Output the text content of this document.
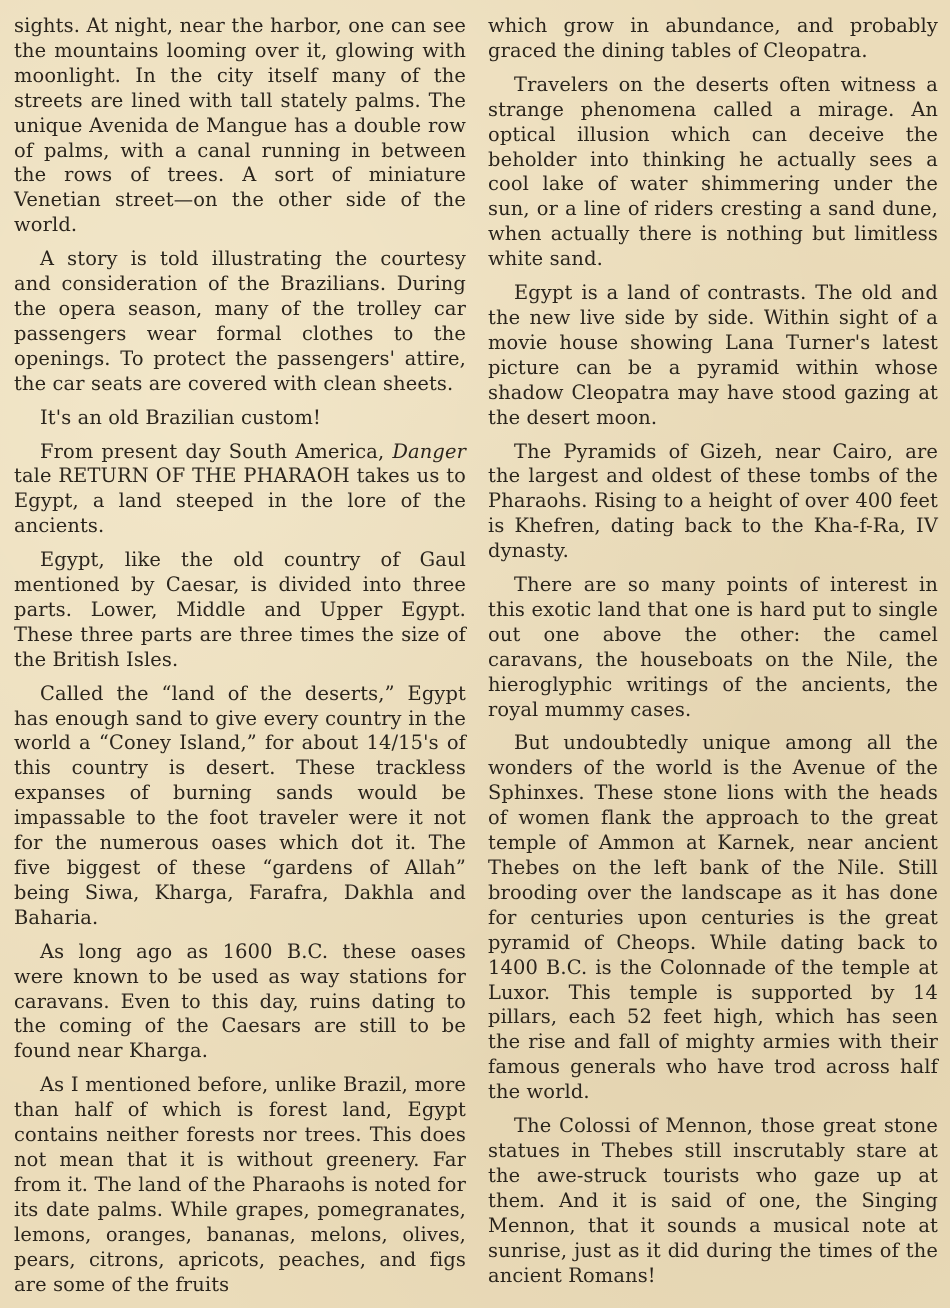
sights. At night, near the harbor, one can see the mountains looming over it, glowing with moonlight. In the city itself many of the streets are lined with tall stately palms. The unique Avenida de Mangue has a double row of palms, with a canal running in between the rows of trees. A sort of miniature Venetian street—on the other side of the world.

A story is told illustrating the courtesy and consideration of the Brazilians. During the opera season, many of the trolley car passengers wear formal clothes to the openings. To protect the passengers' attire, the car seats are covered with clean sheets.

It's an old Brazilian custom!

From present day South America, Danger tale RETURN OF THE PHARAOH takes us to Egypt, a land steeped in the lore of the ancients.

Egypt, like the old country of Gaul mentioned by Caesar, is divided into three parts. Lower, Middle and Upper Egypt. These three parts are three times the size of the British Isles.

Called the “land of the deserts,” Egypt has enough sand to give every country in the world a “Coney Island,” for about 14/15's of this country is desert. These trackless expanses of burning sands would be impassable to the foot traveler were it not for the numerous oases which dot it. The five biggest of these “gardens of Allah” being Siwa, Kharga, Farafra, Dakhla and Baharia.

As long ago as 1600 B.C. these oases were known to be used as way stations for caravans. Even to this day, ruins dating to the coming of the Caesars are still to be found near Kharga.

As I mentioned before, unlike Brazil, more than half of which is forest land, Egypt contains neither forests nor trees. This does not mean that it is without greenery. Far from it. The land of the Pharaohs is noted for its date palms. While grapes, pomegranates, lemons, oranges, bananas, melons, olives, pears, citrons, apricots, peaches, and figs are some of the fruits

which grow in abundance, and probably graced the dining tables of Cleopatra.

Travelers on the deserts often witness a strange phenomena called a mirage. An optical illusion which can deceive the beholder into thinking he actually sees a cool lake of water shimmering under the sun, or a line of riders cresting a sand dune, when actually there is nothing but limitless white sand.

Egypt is a land of contrasts. The old and the new live side by side. Within sight of a movie house showing Lana Turner's latest picture can be a pyramid within whose shadow Cleopatra may have stood gazing at the desert moon.

The Pyramids of Gizeh, near Cairo, are the largest and oldest of these tombs of the Pharaohs. Rising to a height of over 400 feet is Khefren, dating back to the Kha-f-Ra, IV dynasty.

There are so many points of interest in this exotic land that one is hard put to single out one above the other: the camel caravans, the houseboats on the Nile, the hieroglyphic writings of the ancients, the royal mummy cases.

But undoubtedly unique among all the wonders of the world is the Avenue of the Sphinxes. These stone lions with the heads of women flank the approach to the great temple of Ammon at Karnek, near ancient Thebes on the left bank of the Nile. Still brooding over the landscape as it has done for centuries upon centuries is the great pyramid of Cheops. While dating back to 1400 B.C. is the Colonnade of the temple at Luxor. This temple is supported by 14 pillars, each 52 feet high, which has seen the rise and fall of mighty armies with their famous generals who have trod across half the world.

The Colossi of Mennon, those great stone statues in Thebes still inscrutably stare at the awe-struck tourists who gaze up at them. And it is said of one, the Singing Mennon, that it sounds a musical note at sunrise, just as it did during the times of the ancient Romans!
